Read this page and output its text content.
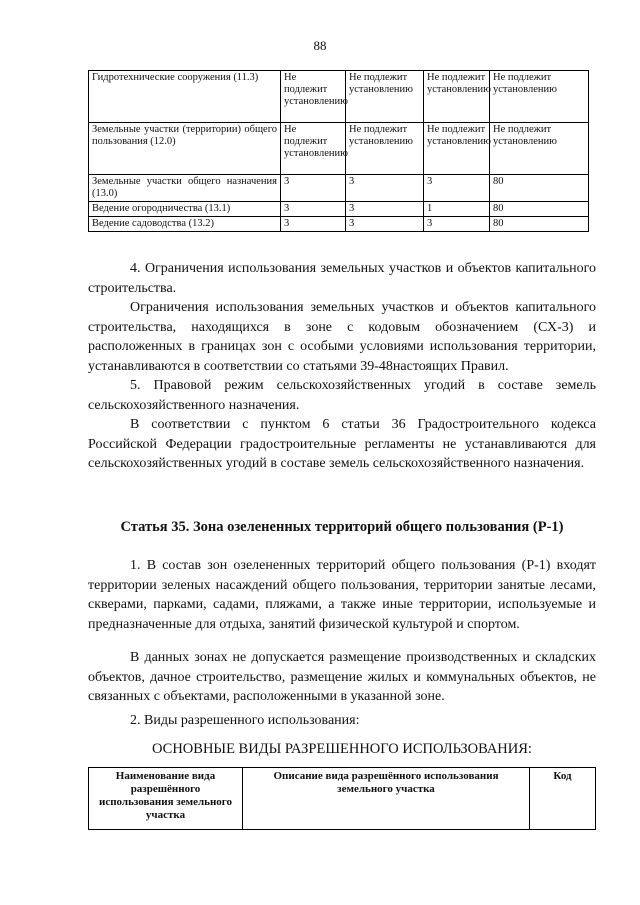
88
Гидротехнические сооружения (11.3)	Не подлежит установлению	Не подлежит установлению	Не подлежит установлению	Не подлежит установлению
Земельные участки (территории) общего пользования (12.0)	Не подлежит установлению	Не подлежит установлению	Не подлежит установлению	Не подлежит установлению
Земельные участки общего назначения (13.0)	3	3	3	80
Ведение огородничества (13.1)	3	3	1	80
Ведение садоводства (13.2)	3	3	3	80

4. Ограничения использования земельных участков и объектов капитального строительства.

Ограничения использования земельных участков и объектов капитального строительства, находящихся в зоне с кодовым обозначением (СХ-3) и расположенных в границах зон с особыми условиями использования территории, устанавливаются в соответствии со статьями 39-48настоящих Правил.

5. Правовой режим сельскохозяйственных угодий в составе земель сельскохозяйственного назначения.

В соответствии с пунктом 6 статьи 36 Градостроительного кодекса Российской Федерации градостроительные регламенты не устанавливаются для сельскохозяйственных угодий в составе земель сельскохозяйственного назначения.

Статья 35. Зона озелененных территорий общего пользования (Р-1)

1. В состав зон озелененных территорий общего пользования (Р-1) входят территории зеленых насаждений общего пользования, территории занятые лесами, скверами, парками, садами, пляжами, а также иные территории, используемые и предназначенные для отдыха, занятий физической культурой и спортом.

В данных зонах не допускается размещение производственных и складских объектов, дачное строительство, размещение жилых и коммунальных объектов, не связанных с объектами, расположенными в указанной зоне.

2. Виды разрешенного использования:

ОСНОВНЫЕ ВИДЫ РАЗРЕШЕННОГО ИСПОЛЬЗОВАНИЯ:
Наименование вида разрешённого использования земельного участка	Описание вида разрешённого использования земельного участка	Код
